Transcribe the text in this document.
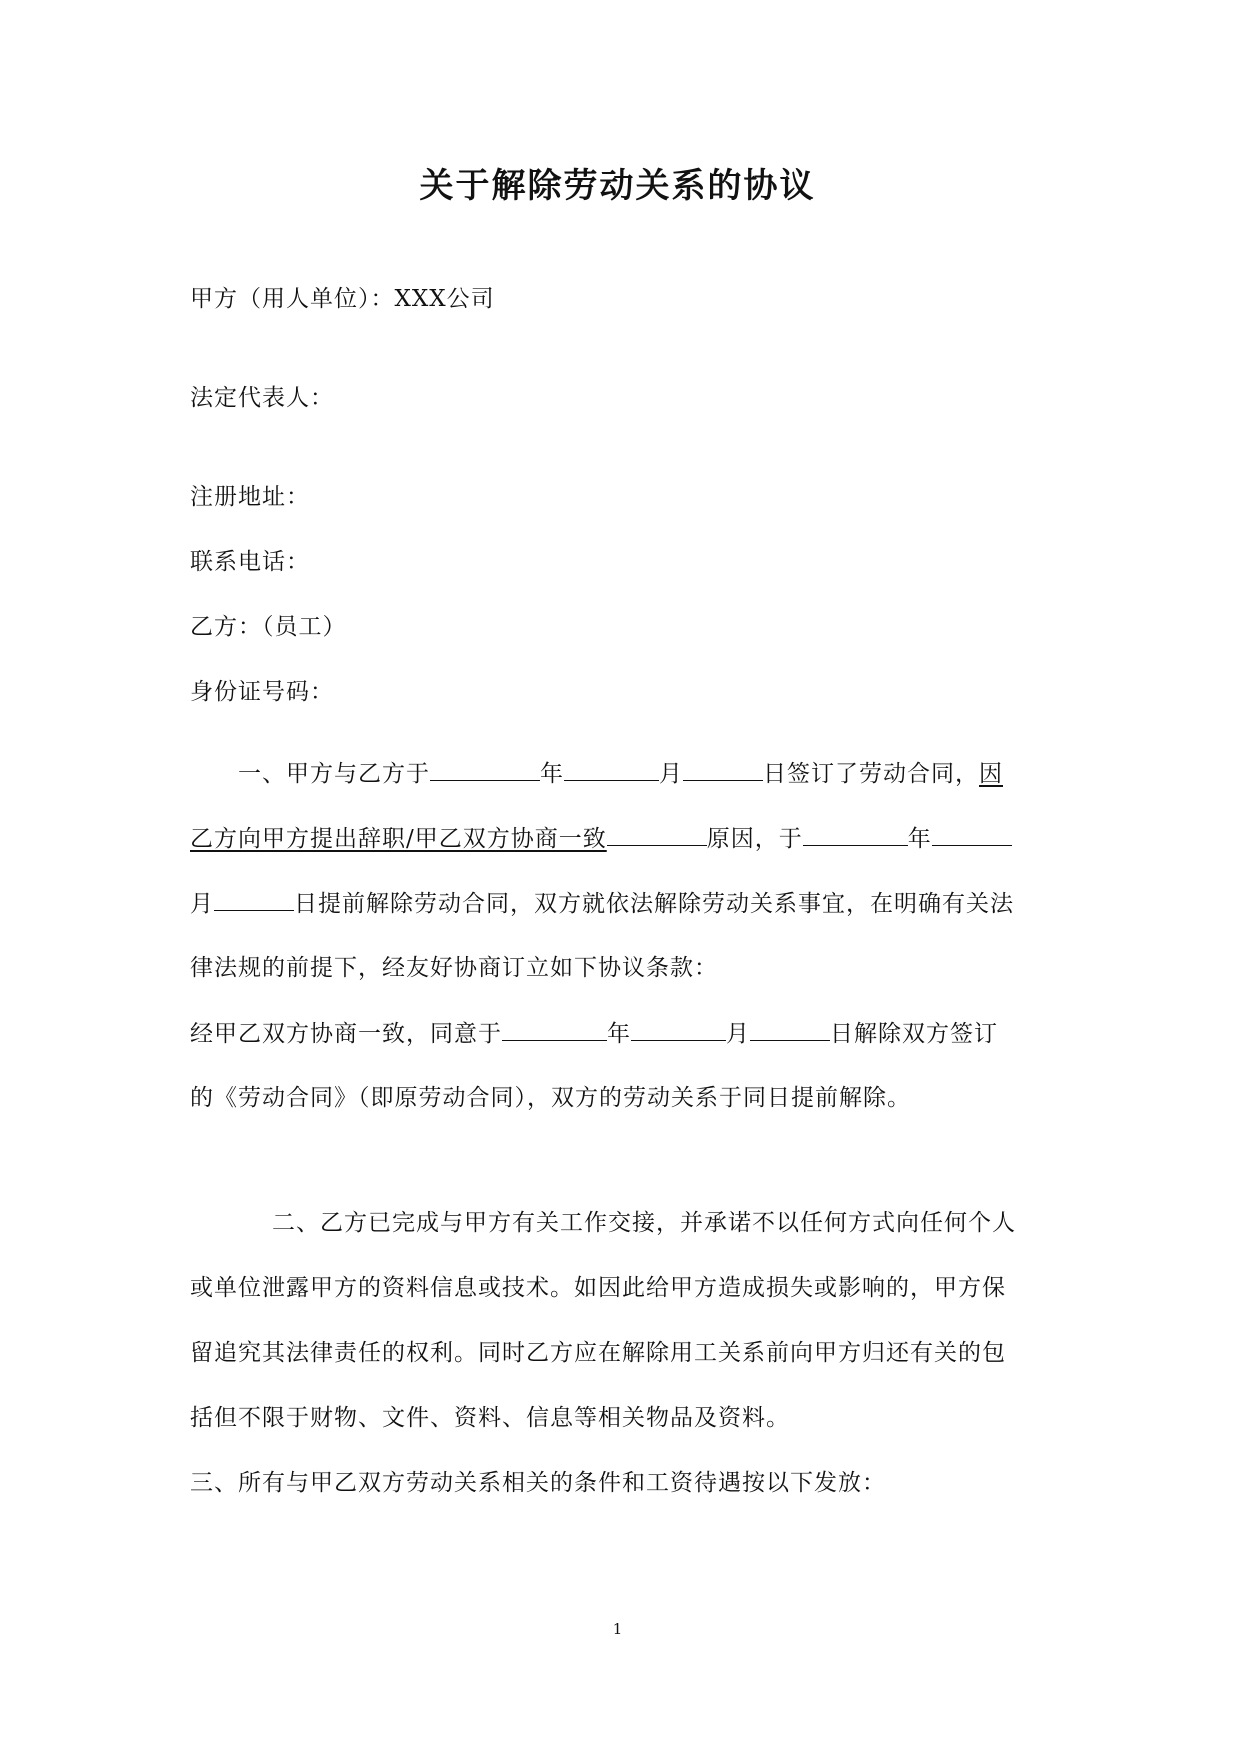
关于解除劳动关系的协议

甲方（用人单位）：XXX公司

法定代表人：

注册地址：

联系电话：

乙方：（员工）

身份证号码：

一、甲方与乙方于	年	月	日签订了劳动合同，因

乙方向甲方提出辞职/甲乙双方协商一致	原因，于	年

月	日提前解除劳动合同，双方就依法解除劳动关系事宜，在明确有关法

律法规的前提下，经友好协商订立如下协议条款：

经甲乙双方协商一致，同意于	年	月	日解除双方签订

的《劳动合同》（即原劳动合同），双方的劳动关系于同日提前解除。

二、乙方已完成与甲方有关工作交接，并承诺不以任何方式向任何个人

或单位泄露甲方的资料信息或技术。如因此给甲方造成损失或影响的，甲方保

留追究其法律责任的权利。同时乙方应在解除用工关系前向甲方归还有关的包

括但不限于财物、文件、资料、信息等相关物品及资料。

三、所有与甲乙双方劳动关系相关的条件和工资待遇按以下发放：

1
